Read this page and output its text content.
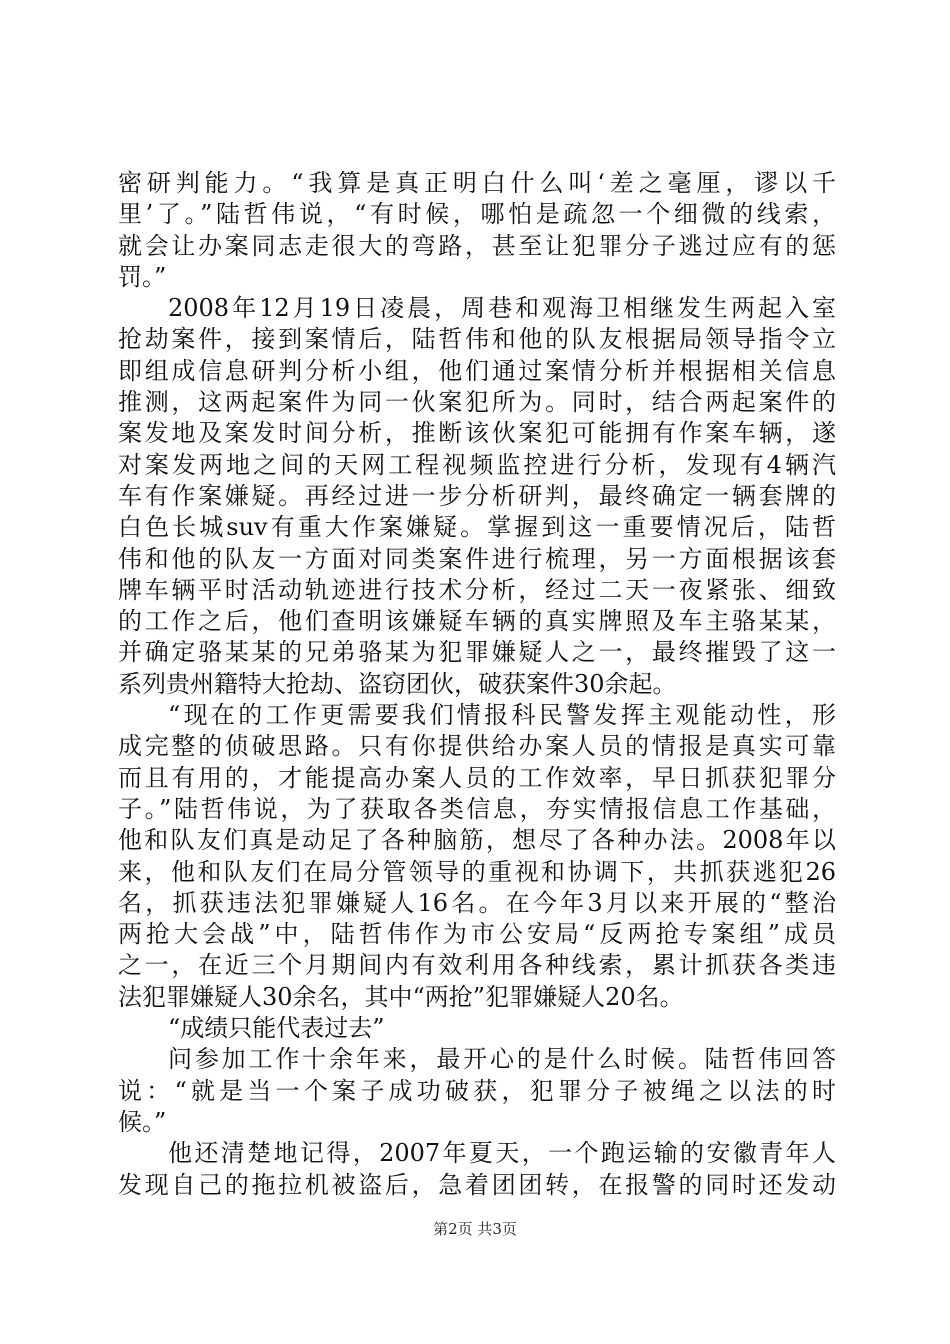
密研判能力。“我算是真正明白什么叫‘差之毫厘，谬以千
里’了。”陆哲伟说，“有时候，哪怕是疏忽一个细微的线索，
就会让办案同志走很大的弯路，甚至让犯罪分子逃过应有的惩
罚。”
2008年12月19日凌晨，周巷和观海卫相继发生两起入室
抢劫案件，接到案情后，陆哲伟和他的队友根据局领导指令立
即组成信息研判分析小组，他们通过案情分析并根据相关信息
推测，这两起案件为同一伙案犯所为。同时，结合两起案件的
案发地及案发时间分析，推断该伙案犯可能拥有作案车辆，遂
对案发两地之间的天网工程视频监控进行分析，发现有4辆汽
车有作案嫌疑。再经过进一步分析研判，最终确定一辆套牌的
白色长城suv有重大作案嫌疑。掌握到这一重要情况后，陆哲
伟和他的队友一方面对同类案件进行梳理，另一方面根据该套
牌车辆平时活动轨迹进行技术分析，经过二天一夜紧张、细致
的工作之后，他们查明该嫌疑车辆的真实牌照及车主骆某某，
并确定骆某某的兄弟骆某为犯罪嫌疑人之一，最终摧毁了这一
系列贵州籍特大抢劫、盗窃团伙，破获案件30余起。
“现在的工作更需要我们情报科民警发挥主观能动性，形
成完整的侦破思路。只有你提供给办案人员的情报是真实可靠
而且有用的，才能提高办案人员的工作效率，早日抓获犯罪分
子。”陆哲伟说，为了获取各类信息，夯实情报信息工作基础，
他和队友们真是动足了各种脑筋，想尽了各种办法。2008年以
来，他和队友们在局分管领导的重视和协调下，共抓获逃犯26
名，抓获违法犯罪嫌疑人16名。在今年3月以来开展的“整治
两抢大会战”中，陆哲伟作为市公安局“反两抢专案组”成员
之一，在近三个月期间内有效利用各种线索，累计抓获各类违
法犯罪嫌疑人30余名，其中“两抢”犯罪嫌疑人20名。
“成绩只能代表过去”
问参加工作十余年来，最开心的是什么时候。陆哲伟回答
说：“就是当一个案子成功破获，犯罪分子被绳之以法的时
候。”
他还清楚地记得，2007年夏天，一个跑运输的安徽青年人
发现自己的拖拉机被盗后，急着团团转，在报警的同时还发动
第2页 共3页
